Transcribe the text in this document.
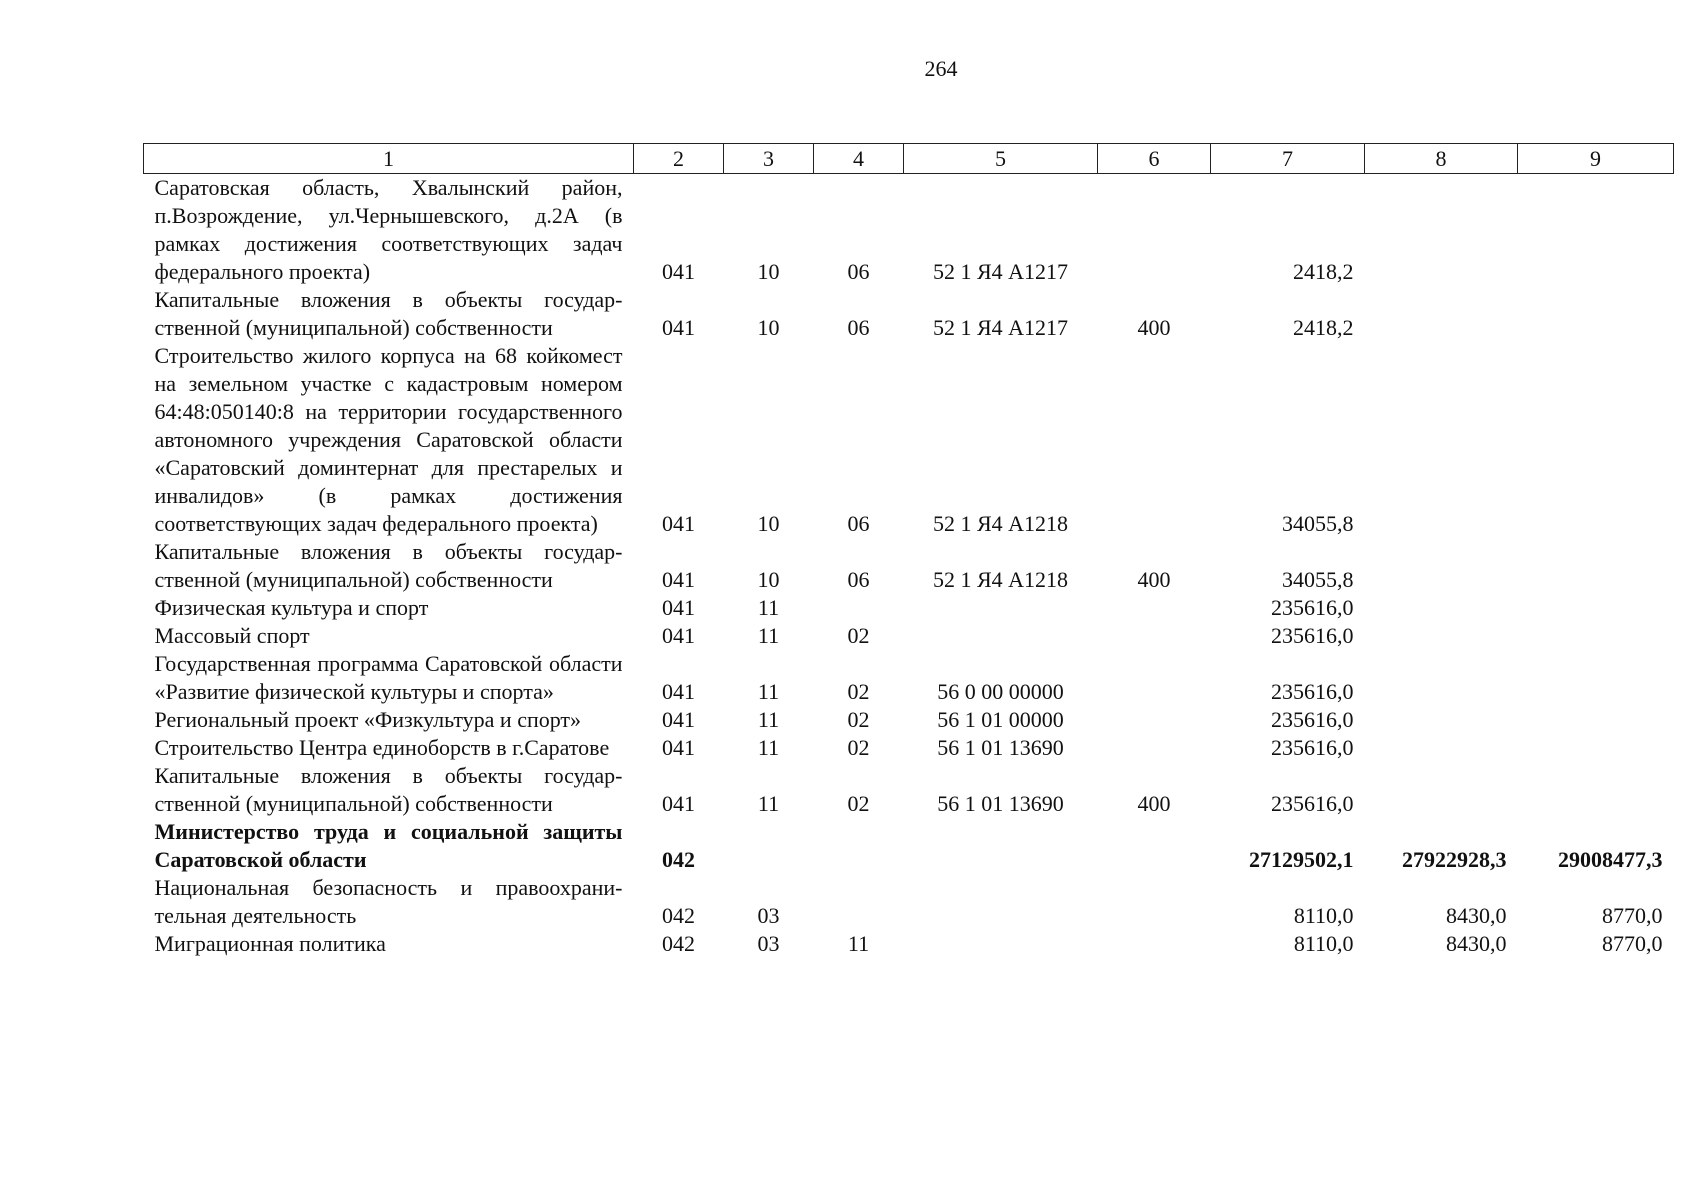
264
1	2	3	4	5	6	7	8	9
Саратовская область, Хвалынский район, п.Возрождение, ул.Чернышевского, д.2А (в рамках достижения соответствующих задач федерального проекта)	041	10	06	52 1 Я4 А1217		2418,2		
Капитальные вложения в объекты государственной (муниципальной) собственности	041	10	06	52 1 Я4 А1217	400	2418,2		
Строительство жилого корпуса на 68 койкомест на земельном участке с кадастровым номером 64:48:050140:8 на территории государственного автономного учреждения Саратовской области «Саратовский доминтернат для престарелых и инвалидов» (в рамках достижения соответствующих задач федерального проекта)	041	10	06	52 1 Я4 А1218		34055,8		
Капитальные вложения в объекты государственной (муниципальной) собственности	041	10	06	52 1 Я4 А1218	400	34055,8		
Физическая культура и спорт	041	11				235616,0		
Массовый спорт	041	11	02			235616,0		
Государственная программа Саратовской области «Развитие физической культуры и спорта»	041	11	02	56 0 00 00000		235616,0		
Региональный проект «Физкультура и спорт»	041	11	02	56 1 01 00000		235616,0		
Строительство Центра единоборств в г.Саратове	041	11	02	56 1 01 13690		235616,0		
Капитальные вложения в объекты государственной (муниципальной) собственности	041	11	02	56 1 01 13690	400	235616,0		
Министерство труда и социальной защиты Саратовской области	042					27129502,1	27922928,3	29008477,3
Национальная безопасность и правоохранительная деятельность	042	03				8110,0	8430,0	8770,0
Миграционная политика	042	03	11			8110,0	8430,0	8770,0
